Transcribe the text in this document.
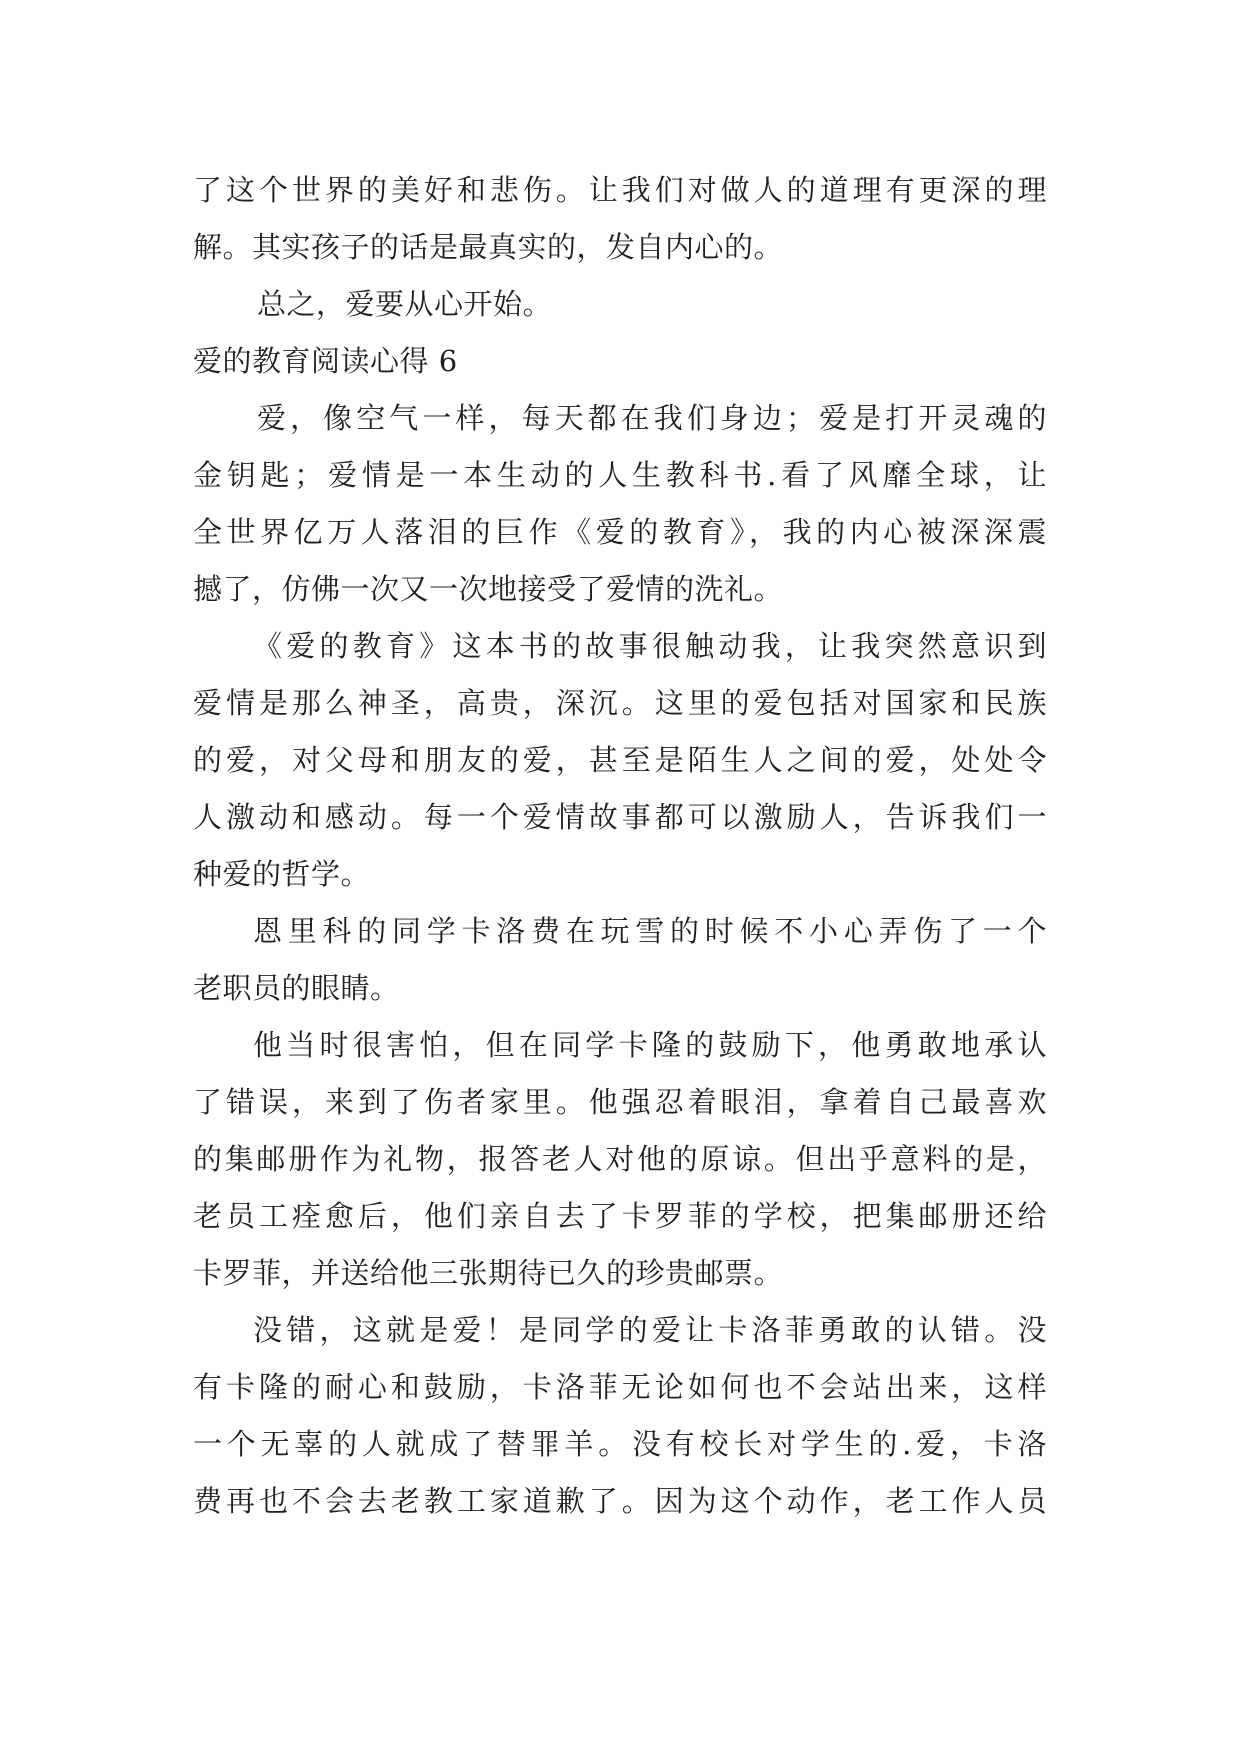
了这个世界的美好和悲伤。让我们对做人的道理有更深的理
解。其实孩子的话是最真实的，发自内心的。
总之，爱要从心开始。
爱的教育阅读心得 6
爱，像空气一样，每天都在我们身边；爱是打开灵魂的
金钥匙；爱情是一本生动的人生教科书.看了风靡全球，让
全世界亿万人落泪的巨作《爱的教育》，我的内心被深深震
撼了，仿佛一次又一次地接受了爱情的洗礼。
《爱的教育》这本书的故事很触动我，让我突然意识到
爱情是那么神圣，高贵，深沉。这里的爱包括对国家和民族
的爱，对父母和朋友的爱，甚至是陌生人之间的爱，处处令
人激动和感动。每一个爱情故事都可以激励人，告诉我们一
种爱的哲学。
恩里科的同学卡洛费在玩雪的时候不小心弄伤了一个
老职员的眼睛。
他当时很害怕，但在同学卡隆的鼓励下，他勇敢地承认
了错误，来到了伤者家里。他强忍着眼泪，拿着自己最喜欢
的集邮册作为礼物，报答老人对他的原谅。但出乎意料的是，
老员工痊愈后，他们亲自去了卡罗菲的学校，把集邮册还给
卡罗菲，并送给他三张期待已久的珍贵邮票。
没错，这就是爱！是同学的爱让卡洛菲勇敢的认错。没
有卡隆的耐心和鼓励，卡洛菲无论如何也不会站出来，这样
一个无辜的人就成了替罪羊。没有校长对学生的.爱，卡洛
费再也不会去老教工家道歉了。因为这个动作，老工作人员
